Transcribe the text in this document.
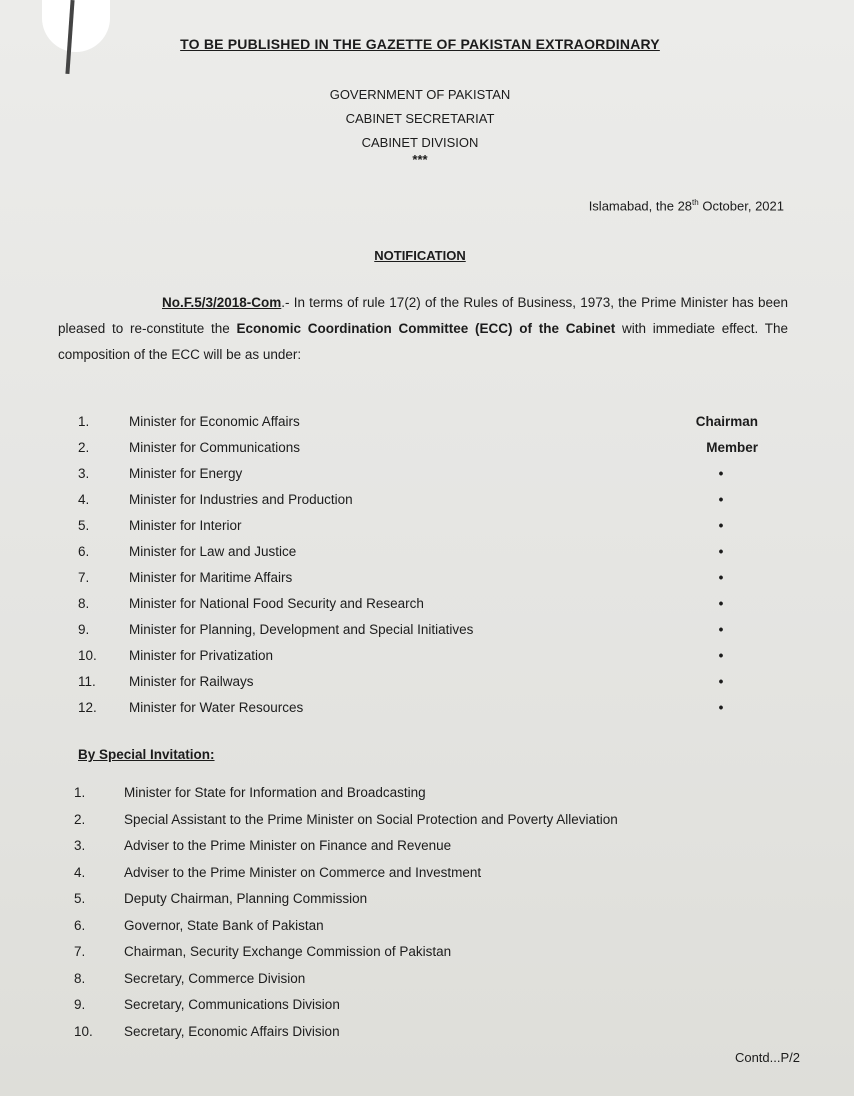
TO BE PUBLISHED IN THE GAZETTE OF PAKISTAN EXTRAORDINARY
GOVERNMENT OF PAKISTAN
CABINET SECRETARIAT
CABINET DIVISION
***
Islamabad, the 28th October, 2021
NOTIFICATION
No.F.5/3/2018-Com.- In terms of rule 17(2) of the Rules of Business, 1973, the Prime Minister has been pleased to re-constitute the Economic Coordination Committee (ECC) of the Cabinet with immediate effect. The composition of the ECC will be as under:
1.	Minister for Economic Affairs	Chairman
2.	Minister for Communications	Member
3.	Minister for Energy	•
4.	Minister for Industries and Production	•
5.	Minister for Interior	•
6.	Minister for Law and Justice	•
7.	Minister for Maritime Affairs	•
8.	Minister for National Food Security and Research	•
9.	Minister for Planning, Development and Special Initiatives	•
10. Minister for Privatization	•
11. Minister for Railways	•
12. Minister for Water Resources	•
By Special Invitation:
1.	Minister for State for Information and Broadcasting
2.	Special Assistant to the Prime Minister on Social Protection and Poverty Alleviation
3.	Adviser to the Prime Minister on Finance and Revenue
4.	Adviser to the Prime Minister on Commerce and Investment
5.	Deputy Chairman, Planning Commission
6.	Governor, State Bank of Pakistan
7.	Chairman, Security Exchange Commission of Pakistan
8.	Secretary, Commerce Division
9.	Secretary, Communications Division
10. Secretary, Economic Affairs Division
Contd...P/2
